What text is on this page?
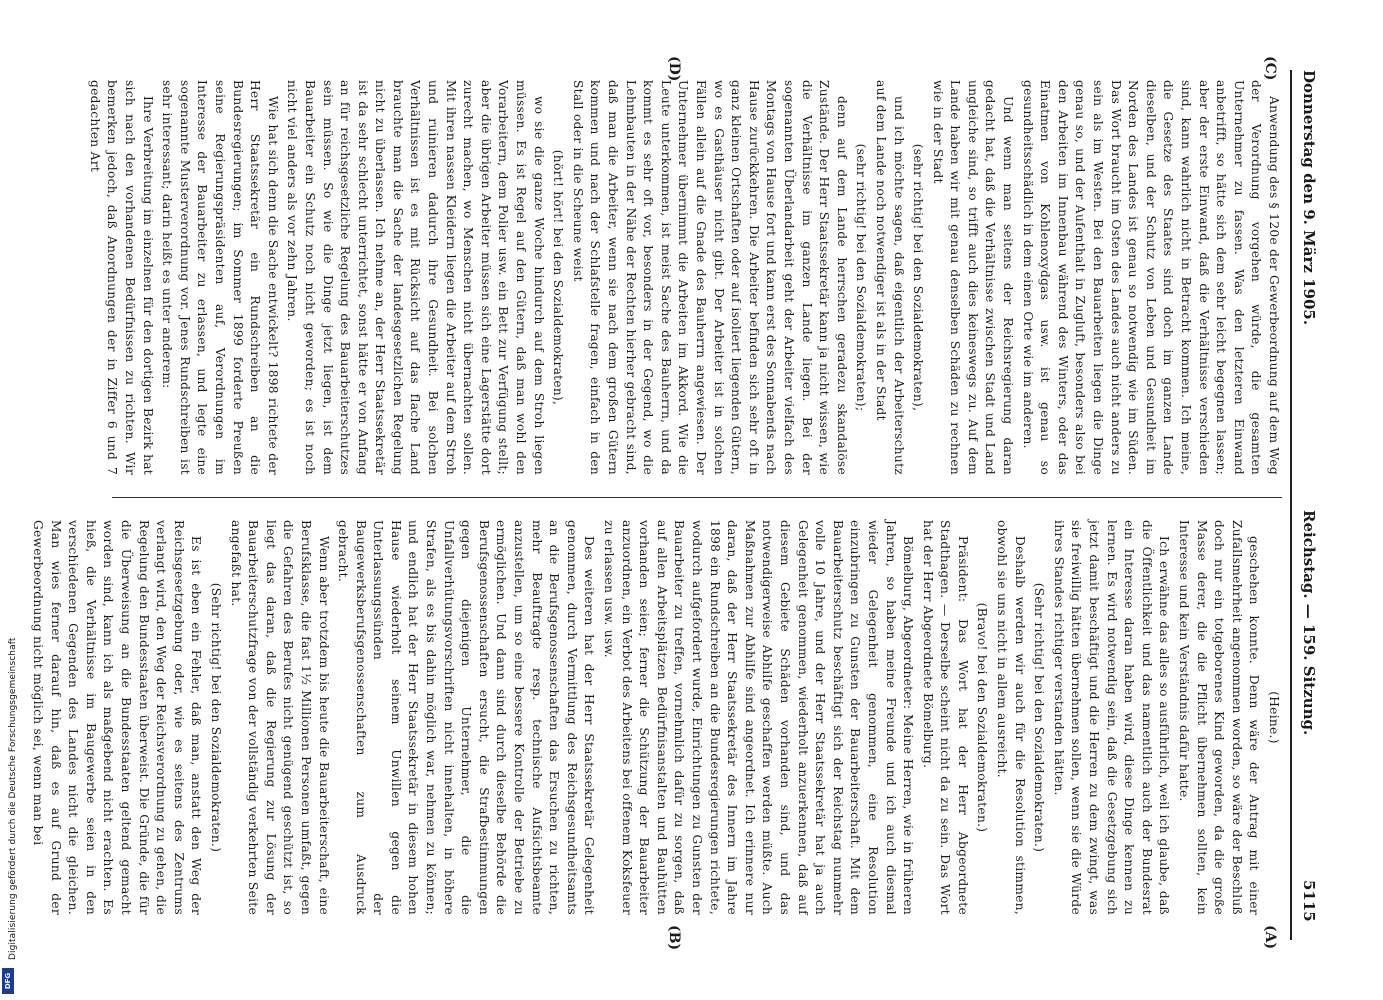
Digitalisierung gefördert durch die Deutsche Forschungsgemeinschaft
DFG
Reichstag. — 159. Sitzung.
Donnerstag den 9. März 1905.
5115
(A)
(B)
(C)
(D)

(Heine.)

geschehen konnte. Denn wäre der Antrag mit einer Zufallsmehrheit angenommen worden, so wäre der Beschluß doch nur ein totgeborenes Kind geworden, da die große Masse derer, die die Pflicht übernehmen sollten, kein Interesse und kein Verständnis dafür hatte.

Ich erwähne das alles so ausführlich, weil ich glaube, daß die Öffentlichkeit und das namentlich auch der Bundesrat ein Interesse daran haben wird, diese Dinge kennen zu lernen. Es wird notwendig sein, daß die Gesetzgebung sich jetzt damit beschäftigt und die Herren zu dem zwingt, was sie freiwillig hätten übernehmen sollen, wenn sie die Würde ihres Standes richtiger verstanden hätten.

(Sehr richtig! bei den Sozialdemokraten.)

Deshalb werden wir auch für die Resolution stimmen, obwohl sie uns nicht in allem ausreicht.

(Bravo! bei den Sozialdemokraten.)

Präsident: Das Wort hat der Herr Abgeordnete Stadthagen. — Derselbe scheint nicht da zu sein. Das Wort hat der Herr Abgeordnete Bömelburg.

Bömelburg, Abgeordneter: Meine Herren, wie in früheren Jahren, so haben meine Freunde und ich auch diesmal wieder Gelegenheit genommen, eine Resolution einzubringen zu Gunsten der Bauarbeiterschaft. Mit dem Bauarbeiterschutz beschäftigt sich der Reichstag nunmehr volle 10 Jahre, und der Herr Staatssekretär hat ja auch Gelegenheit genommen, wiederholt anzuerkennen, daß auf diesem Gebiete Schäden vorhanden sind, und das notwendigerweise Abhilfe geschaffen werden müßte. Auch Maßnahmen zur Abhilfe sind angeordnet. Ich erinnere nur daran, daß der Herr Staatssekretär des Innern im Jahre 1898 ein Rundschreiben an die Bundesregierungen richtete, wodurch aufgefordert wurde, Einrichtungen zu Gunsten der Bauarbeiter zu treffen, vornehmlich dafür zu sorgen, daß auf allen Arbeitsplätzen Bedürfnisanstalten und Bauhütten vorhanden seien; ferner die Schützung der Bauarbeiter anzuordnen, ein Verbot des Arbeitens bei offenem Koksfeuer zu erlassen usw. usw.

Des weiteren hat der Herr Staatssekretär Gelegenheit genommen, durch Vermittlung des Reichsgesundheitsamts an die Berufsgenossenschaften das Ersuchen zu richten, mehr Beauftragte resp. technische Aufsichtsbeamte anzustellen, um so eine bessere Kontrolle der Betriebe zu ermöglichen. Und dann sind durch dieselbe Behörde die Berufsgenossenschaften ersucht, die Strafbestimmungen gegen diejenigen Unternehmer, die die Unfallverhütungsvorschriften nicht innehalten, in höhere Strafen, als es bis dahin möglich war, nehmen zu können; und endlich hat der Herr Staatssekretär in diesem hohen Hause wiederholt seinem Unwillen gegen die Unterlassungssünden der Baugewerksberufsgenossenschaften zum Ausdruck gebracht.

Wenn aber trotzdem bis heute die Bauarbeiterschaft, eine Berufsklasse, die fast 1½ Millionen Personen umfaßt, gegen die Gefahren des Berufes nicht genügend geschützt ist, so liegt das daran, daß die Regierung zur Lösung der Bauarbeiterschutzfrage von der vollständig verkehrten Seite angefaßt hat.

(Sehr richtig! bei den Sozialdemokraten.)

Es ist eben ein Fehler, daß man, anstatt den Weg der Reichsgesetzgebung oder, wie es seitens des Zentrums verlangt wird, den Weg der Reichsverordnung zu gehen, die Regelung den Bundesstaaten überweist. Die Gründe, die für die Überweisung an die Bundesstaaten geltend gemacht worden sind, kann ich als maßgebend nicht erachten. Es hieß, die Verhältnisse im Baugewerbe seien in den verschiedenen Gegenden des Landes nicht die gleichen. Man wies ferner darauf hin, daß es auf Grund der Gewerbeordnung nicht möglich sei, wenn man bei

Anwendung des § 120e der Gewerbeordnung auf dem Weg der Verordnung vorgehen würde, die gesamten Unternehmer zu fassen. Was den letzteren Einwand anbetrifft, so hätte sich dem sehr leicht begegnen lassen; aber der erste Einwand, daß die Verhältnisse verschieden sind, kann wahrlich nicht in Betracht kommen. Ich meine, die Gesetze des Staates sind doch im ganzen Lande dieselben, und der Schutz von Leben und Gesundheit im Norden des Landes ist genau so notwendig wie im Süden. Das Wort braucht im Osten des Landes auch nicht anders zu sein als im Westen. Bei den Bauarbeiten liegen die Dinge genau so, und der Aufenthalt in Zugluft, besonders also bei den Arbeiten im Innenbau während des Winters, oder das Einatmen von Kohlenoxydgas usw. ist genau so gesundheitsschädlich in dem einen Orte wie im anderen.

Und wenn man seitens der Reichsregierung daran gedacht hat, daß die Verhältnisse zwischen Stadt und Land ungleiche sind, so trifft auch dies keineswegs zu. Auf dem Lande haben wir mit genau denselben Schäden zu rechnen wie in der Stadt

(sehr richtig! bei den Sozialdemokraten),

und ich möchte sagen, daß eigentlich der Arbeiterschutz auf dem Lande noch notwendiger ist als in der Stadt

(sehr richtig! bei den Sozialdemokraten);

denn auf dem Lande herrschen geradezu skandalöse Zustände. Der Herr Staatssekretär kann ja nicht wissen, wie die Verhältnisse im ganzen Lande liegen. Bei der sogenannten Überlandarbeit geht der Arbeiter vielfach des Montags von Hause fort und kann erst des Sonnabends nach Hause zurückkehren. Die Arbeiter befinden sich sehr oft in ganz kleinen Ortschaften oder auf isoliert liegenden Gütern, wo es Gasthäuser nicht gibt. Der Arbeiter ist in solchen Fällen allein auf die Gnade des Bauherrn angewiesen. Der Unternehmer übernimmt die Arbeiten im Akkord. Wie die Leute unterkommen, ist meist Sache des Bauherrn, und da kommt es sehr oft vor, besonders in der Gegend, wo die Lehmbauten in der Nähe der Rechten hierher gebracht sind, daß man die Arbeiter, wenn sie nach dem großen Gütern kommen und nach der Schlafstelle fragen, einfach in den Stall oder in die Scheune weist

(hört! hört! bei den Sozialdemokraten),

wo sie die ganze Woche hindurch auf dem Stroh liegen müssen. Es ist Regel auf den Gütern, daß man wohl den Vorarbeitern, dem Polier usw. ein Bett zur Verfügung stellt; aber die übrigen Arbeiter müssen sich eine Lagerstätte dort zurecht machen, wo Menschen nicht übernachten sollen. Mit ihren nassen Kleidern liegen die Arbeiter auf dem Stroh und ruinieren dadurch ihre Gesundheit. Bei solchen Verhältnissen ist es mit Rücksicht auf das flache Land brauchte man die Sache der landesgesetzlichen Regelung nicht zu überlassen. Ich nehme an, der Herr Staatssekretär ist da sehr schlecht unterrichtet, sonst hätte er von Anfang an für reichsgesetzliche Regelung des Bauarbeiterschutzes sein müssen. So wie die Dinge jetzt liegen, ist dem Bauarbeiter ein Schutz noch nicht geworden; es ist noch nicht viel anders als vor zehn Jahren.

Wie hat sich denn die Sache entwickelt? 1898 richtete der Herr Staatssekretär ein Rundschreiben an die Bundesregierungen; im Sommer 1899 forderte Preußen seine Regierungspräsidenten auf, Verordnungen im Interesse der Bauarbeiter zu erlassen, und legte eine sogenannte Musterverordnung vor. Jenes Rundschreiben ist sehr interessant; darin heißt es unter anderem:

Ihre Verbreitung im einzelnen für den dortigen Bezirk hat sich nach den vorhandenen Bedürfnissen zu richten. Wir bemerken jedoch, daß Anordnungen der in Ziffer 6 und 7 gedachten Art
